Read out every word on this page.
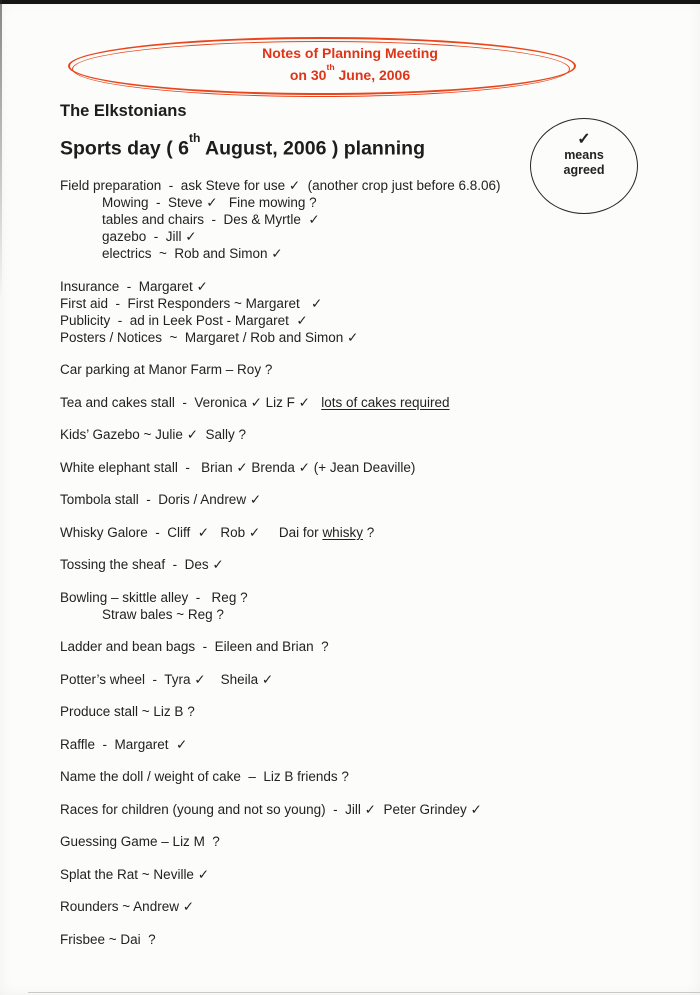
Notes of Planning Meeting
on 30th June, 2006
The Elkstonians
Sports day ( 6th August, 2006 ) planning	✓
means
agreed
Field preparation  -  ask Steve for use ✓  (another crop just before 6.8.06)
Mowing  -  Steve ✓   Fine mowing ?
tables and chairs  -  Des & Myrtle  ✓
gazebo  -  Jill ✓
electrics  ~  Rob and Simon ✓
Insurance  -  Margaret ✓
First aid  -  First Responders ~ Margaret   ✓
Publicity  -  ad in Leek Post - Margaret  ✓
Posters / Notices  ~  Margaret / Rob and Simon ✓
Car parking at Manor Farm – Roy ?
Tea and cakes stall  -  Veronica ✓ Liz F ✓   lots of cakes required
Kids’ Gazebo ~ Julie ✓  Sally ?
White elephant stall  -   Brian ✓ Brenda ✓ (+ Jean Deaville)
Tombola stall  -  Doris / Andrew ✓
Whisky Galore  -  Cliff  ✓   Rob ✓     Dai for whisky ?
Tossing the sheaf  -  Des ✓
Bowling – skittle alley  -   Reg ?
Straw bales ~ Reg ?
Ladder and bean bags  -  Eileen and Brian  ?
Potter’s wheel  -  Tyra ✓    Sheila ✓
Produce stall ~ Liz B ?
Raffle  -  Margaret  ✓
Name the doll / weight of cake  –  Liz B friends ?
Races for children (young and not so young)  -  Jill ✓  Peter Grindey ✓
Guessing Game – Liz M  ?
Splat the Rat ~ Neville ✓
Rounders ~ Andrew ✓
Frisbee ~ Dai  ?
